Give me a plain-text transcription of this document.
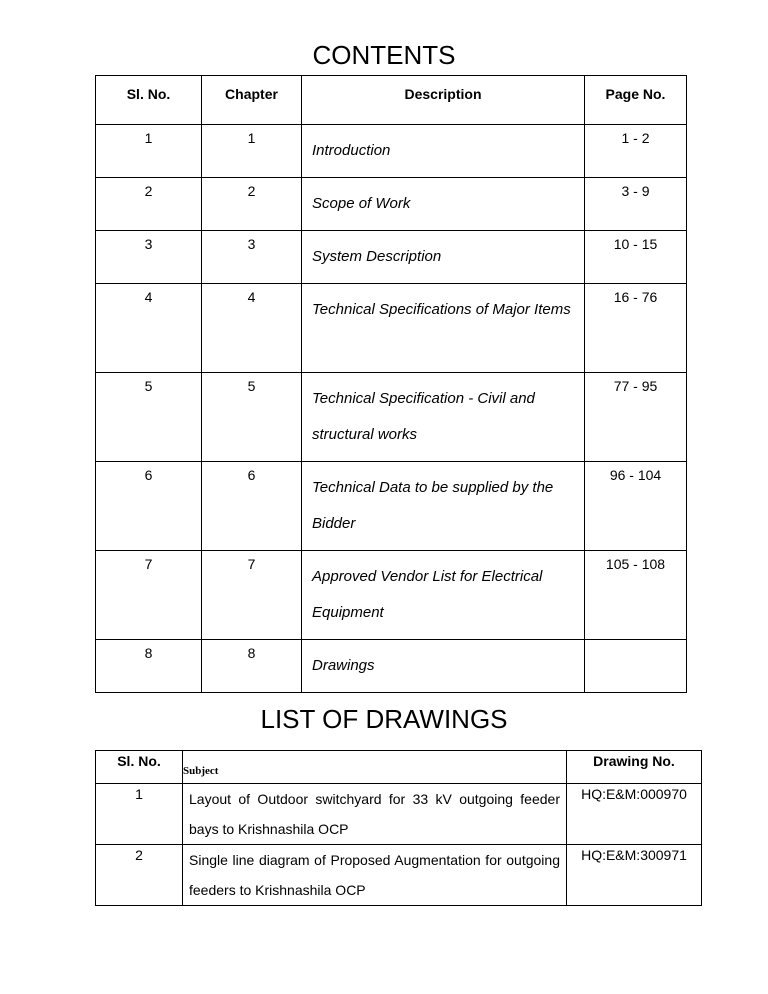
CONTENTS
Sl. No.	Chapter	Description	Page No.
1	1	Introduction	1 - 2
2	2	Scope of Work	3 - 9
3	3	System Description	10 - 15
4	4	Technical Specifications of Major Items	16 - 76
5	5	Technical Specification - Civil and structural works	77 - 95
6	6	Technical Data to be supplied by the Bidder	96 - 104
7	7	Approved Vendor List for Electrical Equipment	105 - 108
8	8	Drawings	

LIST OF DRAWINGS
Sl. No.	Subject	Drawing No.
1	Layout of Outdoor switchyard for 33 kV outgoing feeder bays to Krishnashila OCP	HQ:E&M:000970
2	Single line diagram of Proposed Augmentation for outgoing feeders to Krishnashila OCP	HQ:E&M:300971
